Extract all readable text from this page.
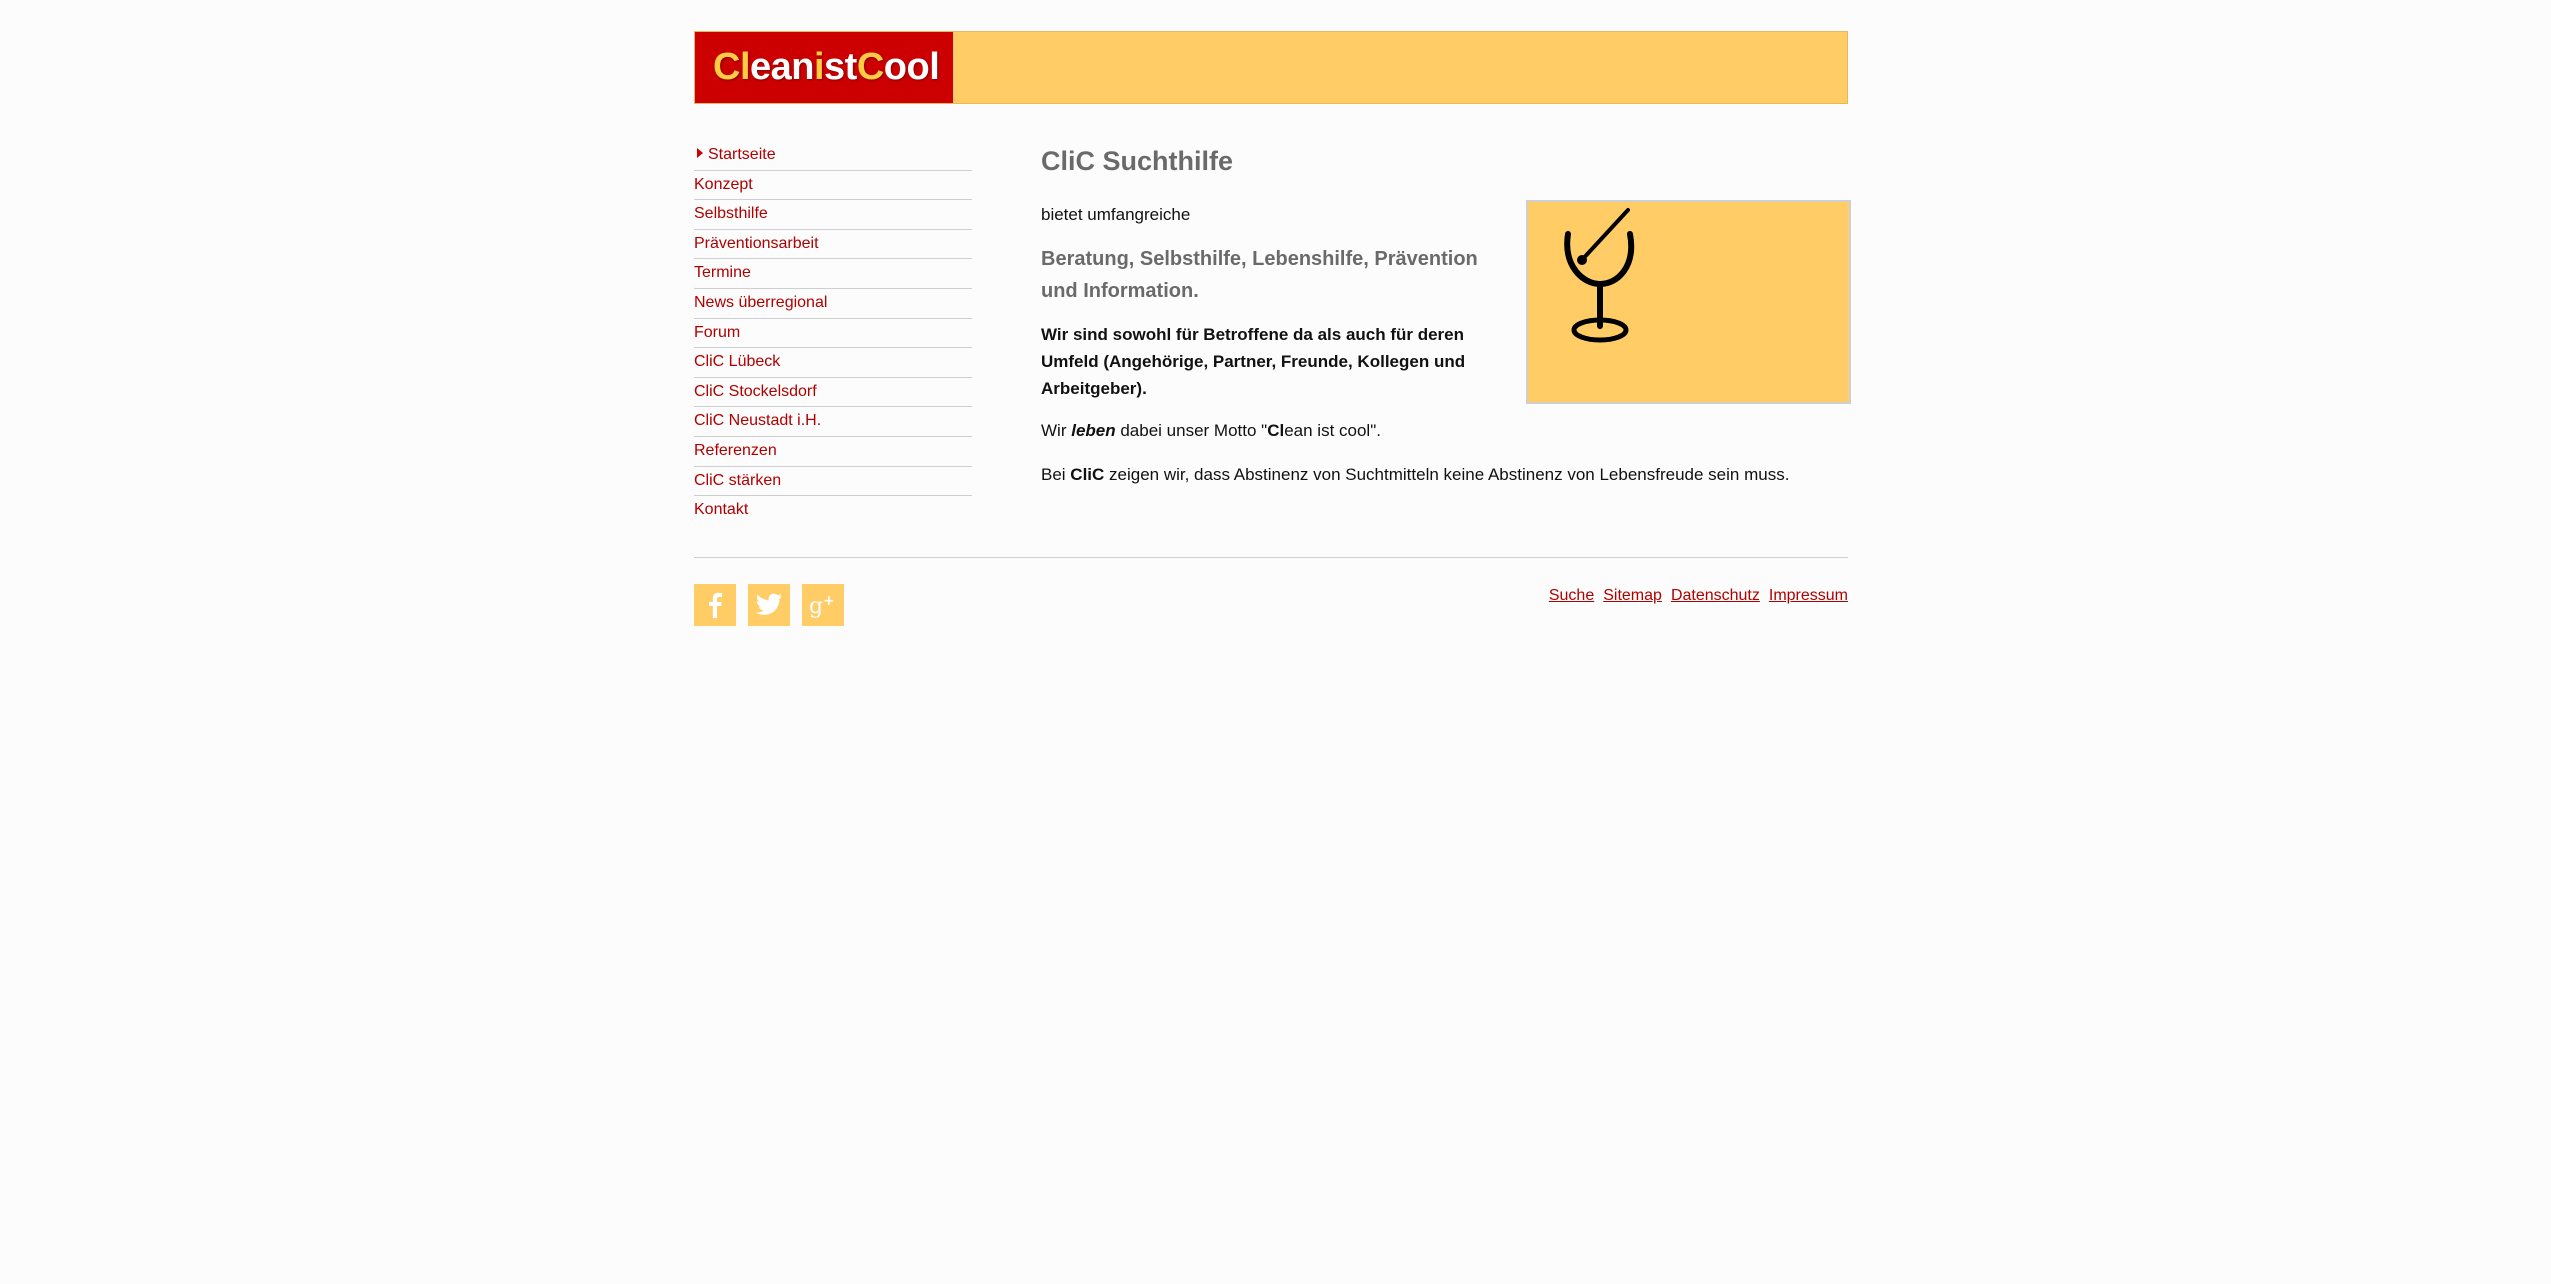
Cl ean i st C ool
Startseite
Konzept
Selbsthilfe
Präventionsarbeit
Termine
News überregional
Forum
CliC Lübeck
CliC Stockelsdorf
CliC Neustadt i.H.
Referenzen
CliC stärken
Kontakt
CliC Suchthilfe

bietet umfangreiche

Beratung, Selbsthilfe, Lebenshilfe, Prävention und Information.

Wir sind sowohl für Betroffene da als auch für deren Umfeld (Angehörige, Partner, Freunde, Kollegen und Arbeitgeber).

Wir leben dabei unser Motto "Clean ist cool".

Bei CliC zeigen wir, dass Abstinenz von Suchtmitteln keine Abstinenz von Lebensfreude sein muss.

g +	Suche Sitemap Datenschutz Impressum
